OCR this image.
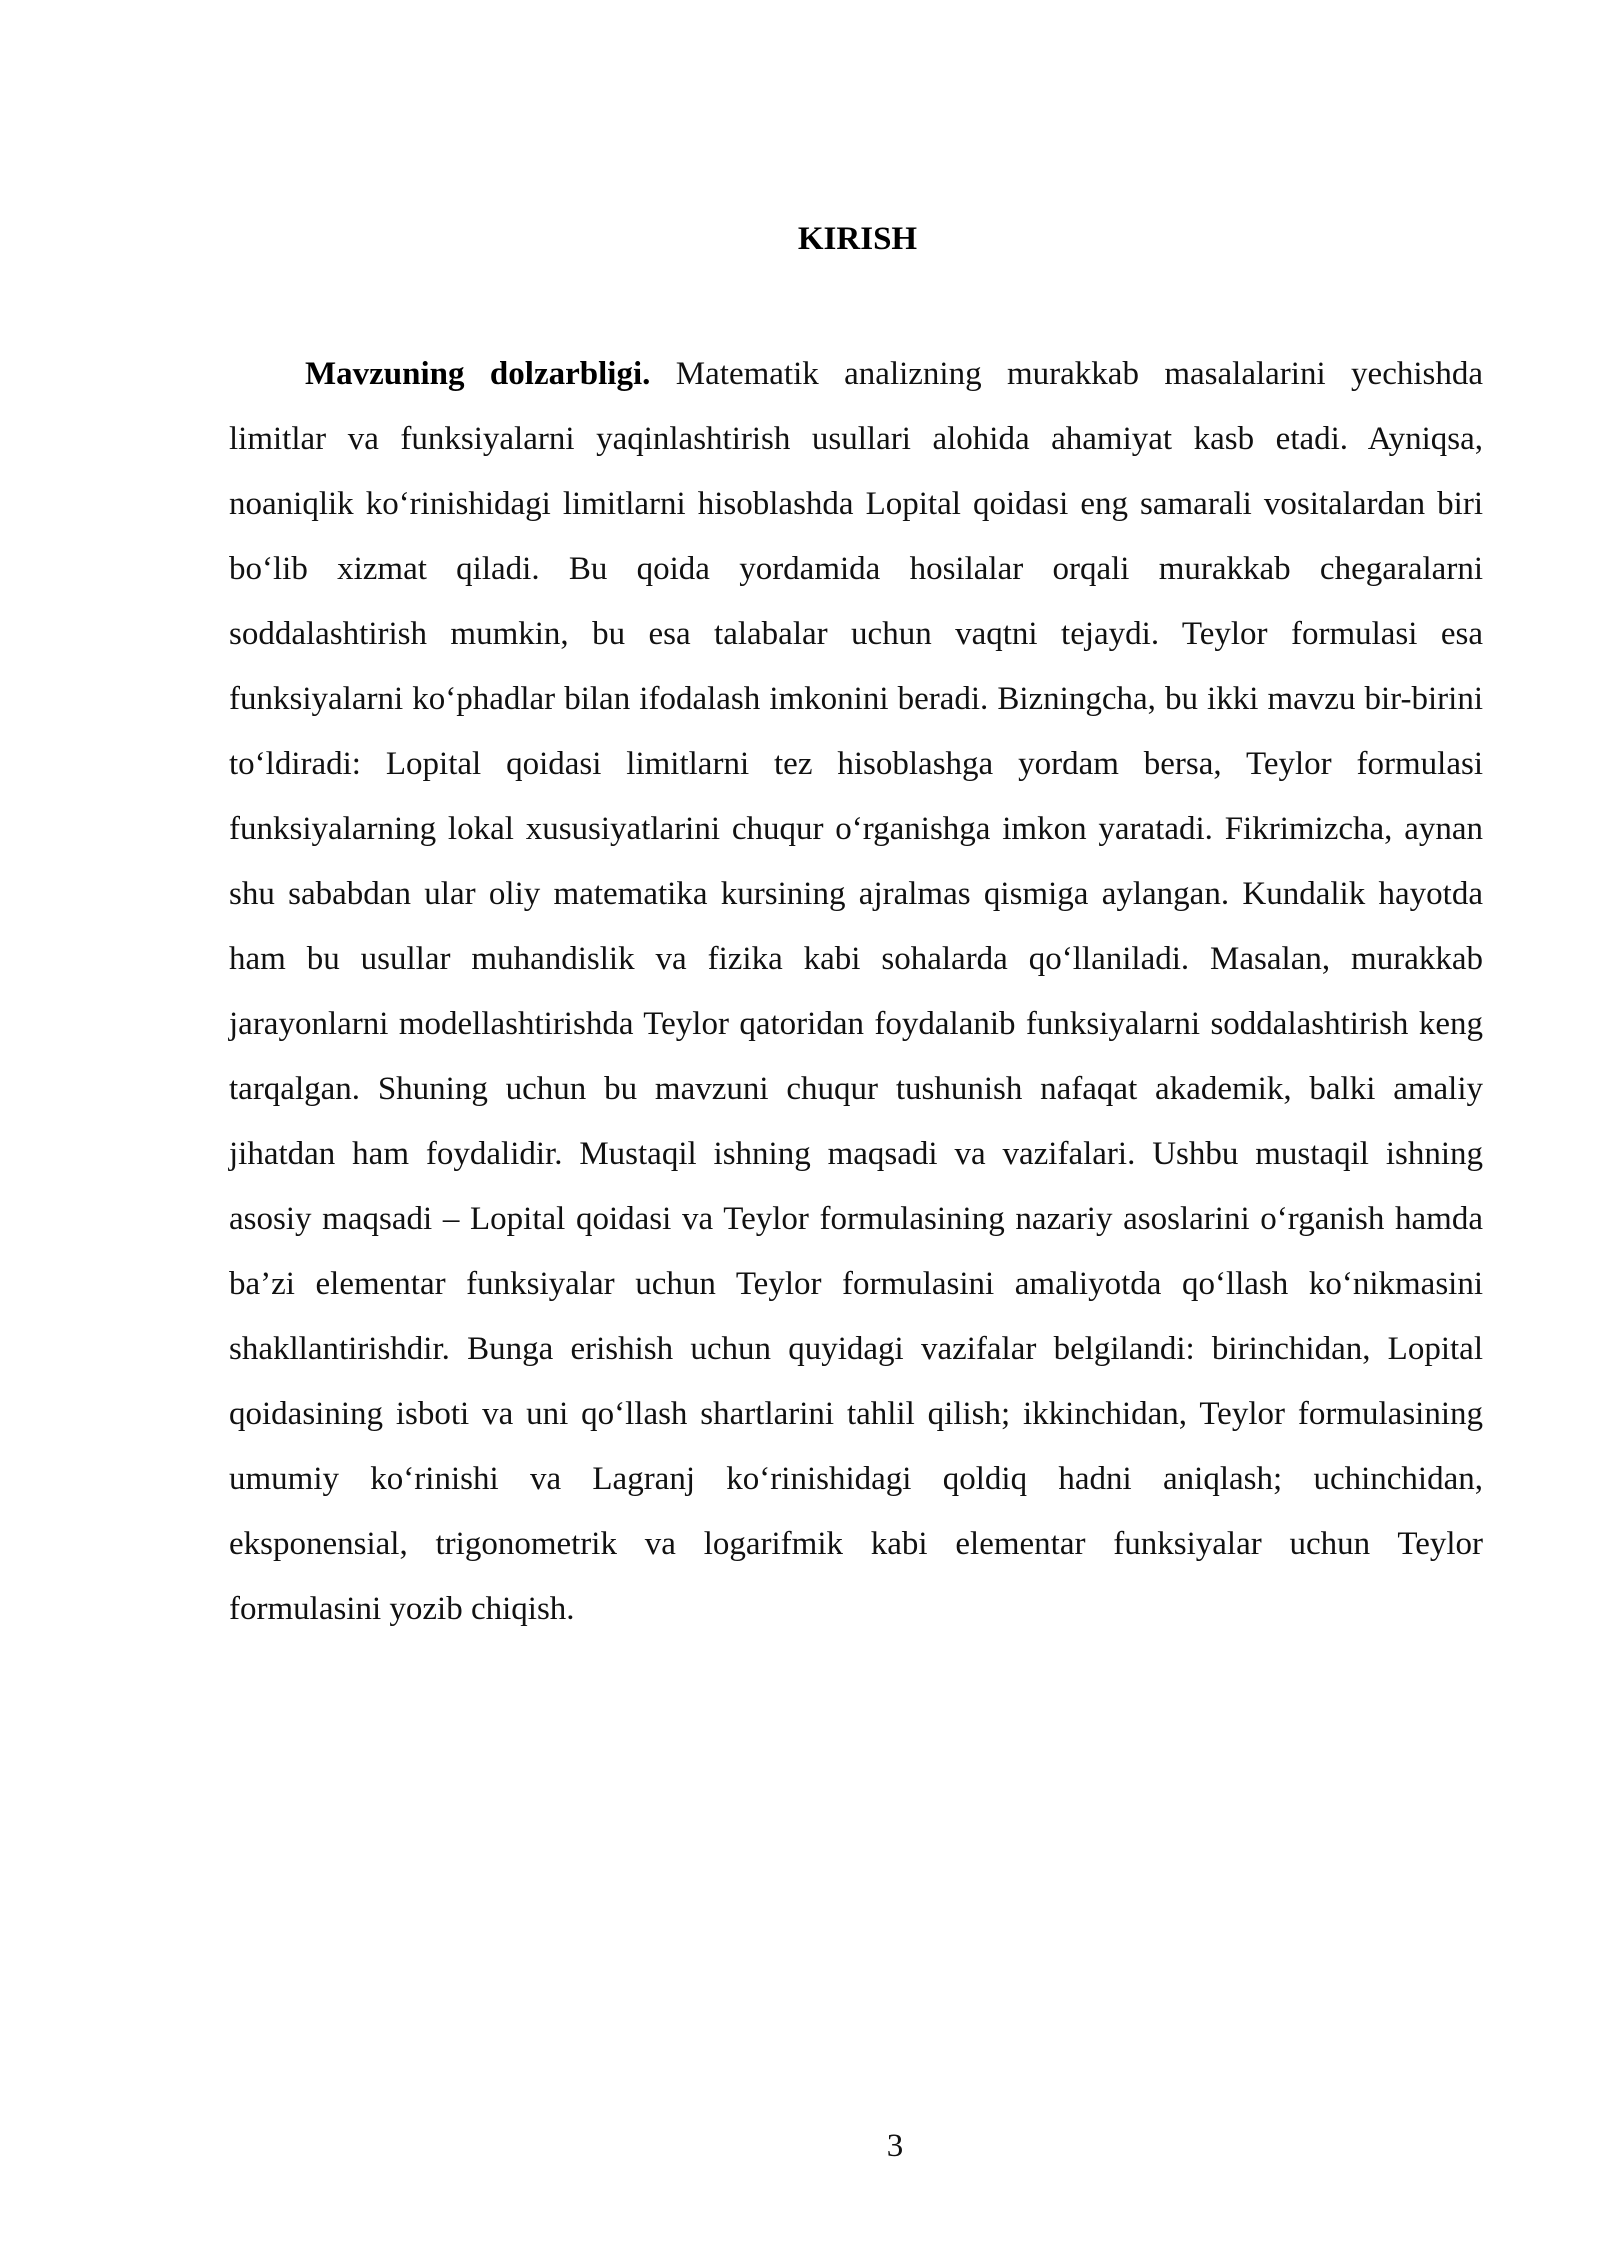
KIRISH

Mavzuning dolzarbligi. Matematik analizning murakkab masalalarini yechishda limitlar va funksiyalarni yaqinlashtirish usullari alohida ahamiyat kasb etadi. Ayniqsa, noaniqlik ko‘rinishidagi limitlarni hisoblashda Lopital qoidasi eng samarali vositalardan biri bo‘lib xizmat qiladi. Bu qoida yordamida hosilalar orqali murakkab chegaralarni soddalashtirish mumkin, bu esa talabalar uchun vaqtni tejaydi. Teylor formulasi esa funksiyalarni ko‘phadlar bilan ifodalash imkonini beradi. Bizningcha, bu ikki mavzu bir-birini to‘ldiradi: Lopital qoidasi limitlarni tez hisoblashga yordam bersa, Teylor formulasi funksiyalarning lokal xususiyatlarini chuqur o‘rganishga imkon yaratadi. Fikrimizcha, aynan shu sababdan ular oliy matematika kursining ajralmas qismiga aylangan. Kundalik hayotda ham bu usullar muhandislik va fizika kabi sohalarda qo‘llaniladi. Masalan, murakkab jarayonlarni modellashtirishda Teylor qatoridan foydalanib funksiyalarni soddalashtirish keng tarqalgan. Shuning uchun bu mavzuni chuqur tushunish nafaqat akademik, balki amaliy jihatdan ham foydalidir. Mustaqil ishning maqsadi va vazifalari. Ushbu mustaqil ishning asosiy maqsadi – Lopital qoidasi va Teylor formulasining nazariy asoslarini o‘rganish hamda ba’zi elementar funksiyalar uchun Teylor formulasini amaliyotda qo‘llash ko‘nikmasini shakllantirishdir. Bunga erishish uchun quyidagi vazifalar belgilandi: birinchidan, Lopital qoidasining isboti va uni qo‘llash shartlarini tahlil qilish; ikkinchidan, Teylor formulasining umumiy ko‘rinishi va Lagranj ko‘rinishidagi qoldiq hadni aniqlash; uchinchidan, eksponensial, trigonometrik va logarifmik kabi elementar funksiyalar uchun Teylor formulasini yozib chiqish.

3
